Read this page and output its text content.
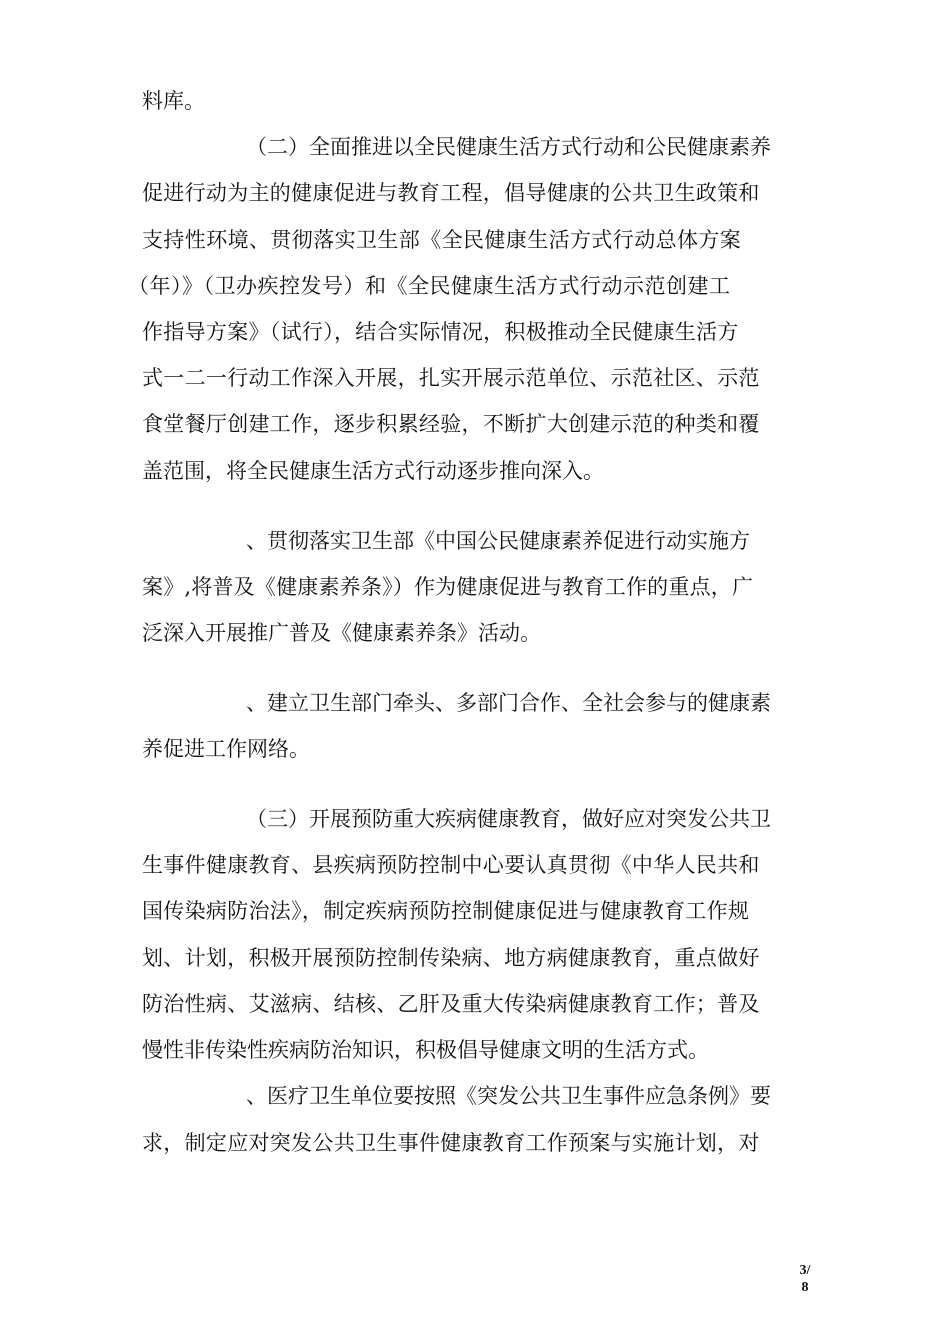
料库。
（二）全面推进以全民健康生活方式行动和公民健康素养
促进行动为主的健康促进与教育工程，倡导健康的公共卫生政策和
支持性环境、贯彻落实卫生部《全民健康生活方式行动总体方案
（年）》（卫办疾控发号）和《全民健康生活方式行动示范创建工
作指导方案》（试行），结合实际情况，积极推动全民健康生活方
式一二一行动工作深入开展，扎实开展示范单位、示范社区、示范
食堂餐厅创建工作，逐步积累经验，不断扩大创建示范的种类和覆
盖范围，将全民健康生活方式行动逐步推向深入。
、贯彻落实卫生部《中国公民健康素养促进行动实施方
案》,将普及《健康素养条》）作为健康促进与教育工作的重点，广
泛深入开展推广普及《健康素养条》活动。
、建立卫生部门牵头、多部门合作、全社会参与的健康素
养促进工作网络。
（三）开展预防重大疾病健康教育，做好应对突发公共卫
生事件健康教育、县疾病预防控制中心要认真贯彻《中华人民共和
国传染病防治法》，制定疾病预防控制健康促进与健康教育工作规
划、计划，积极开展预防控制传染病、地方病健康教育，重点做好
防治性病、艾滋病、结核、乙肝及重大传染病健康教育工作；普及
慢性非传染性疾病防治知识，积极倡导健康文明的生活方式。
、医疗卫生单位要按照《突发公共卫生事件应急条例》要
求，制定应对突发公共卫生事件健康教育工作预案与实施计划，对
3/
8
